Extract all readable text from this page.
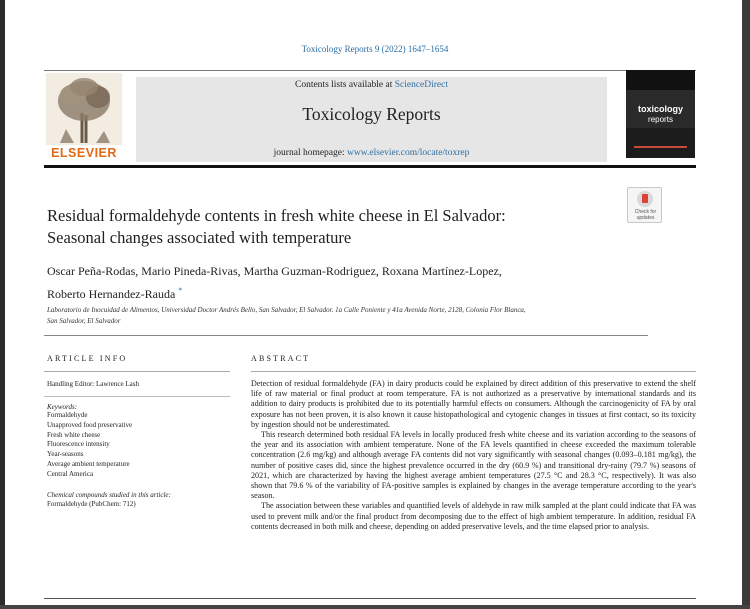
Toxicology Reports 9 (2022) 1647–1654
ELSEVIER
Contents lists available at ScienceDirect
Toxicology Reports
journal homepage: www.elsevier.com/locate/toxrep
toxicology
reports
Check for updates
Residual formaldehyde contents in fresh white cheese in El Salvador:
Seasonal changes associated with temperature
Oscar Peña-Rodas, Mario Pineda-Rivas, Martha Guzman-Rodriguez, Roxana Martínez-Lopez,
Roberto Hernandez-Rauda *
Laboratorio de Inocuidad de Alimentos, Universidad Doctor Andrés Bello, San Salvador, El Salvador. 1a Calle Poniente y 41a Avenida Norte, 2128, Colonia Flor Blanca,
San Salvador, El Salvador
ARTICLE INFO	ABSTRACT
Handling Editor: Lawrence Lash
Keywords:
Formaldehyde
Unapproved food preservative
Fresh white cheese
Fluorescence intensity
Year-seasons
Average ambient temperature
Central America
Chemical compounds studied in this article:
Formaldehyde (PubChem: 712)

Detection of residual formaldehyde (FA) in dairy products could be explained by direct addition of this preservative to extend the shelf life of raw material or final product at room temperature. FA is not authorized as a preservative by international standards and its addition to dairy products is prohibited due to its potentially harmful effects on consumers. Although the carcinogenicity of FA by oral exposure has not been proven, it is also known it cause histopathological and cytogenic changes in tissues at first contact, so its toxicity by ingestion should not be underestimated.

This research determined both residual FA levels in locally produced fresh white cheese and its variation according to the seasons of the year and its association with ambient temperature. None of the FA levels quantified in cheese exceeded the maximum tolerable concentration (2.6 mg/kg) and although average FA contents did not vary significantly with seasonal changes (0.093–0.181 mg/kg), the number of positive cases did, since the highest prevalence occurred in the dry (60.9 %) and transitional dry-rainy (79.7 %) seasons of 2021, which are characterized by having the highest average ambient temperatures (27.5 °C and 28.3 °C, respectively). It was also shown that 79.6 % of the variability of FA-positive samples is explained by changes in the average temperature according to the year's season.

The association between these variables and quantified levels of aldehyde in raw milk sampled at the plant could indicate that FA was used to prevent milk and/or the final product from decomposing due to the effect of high ambient temperature. In addition, residual FA contents decreased in both milk and cheese, depending on added preservative levels, and the time elapsed prior to analysis.
